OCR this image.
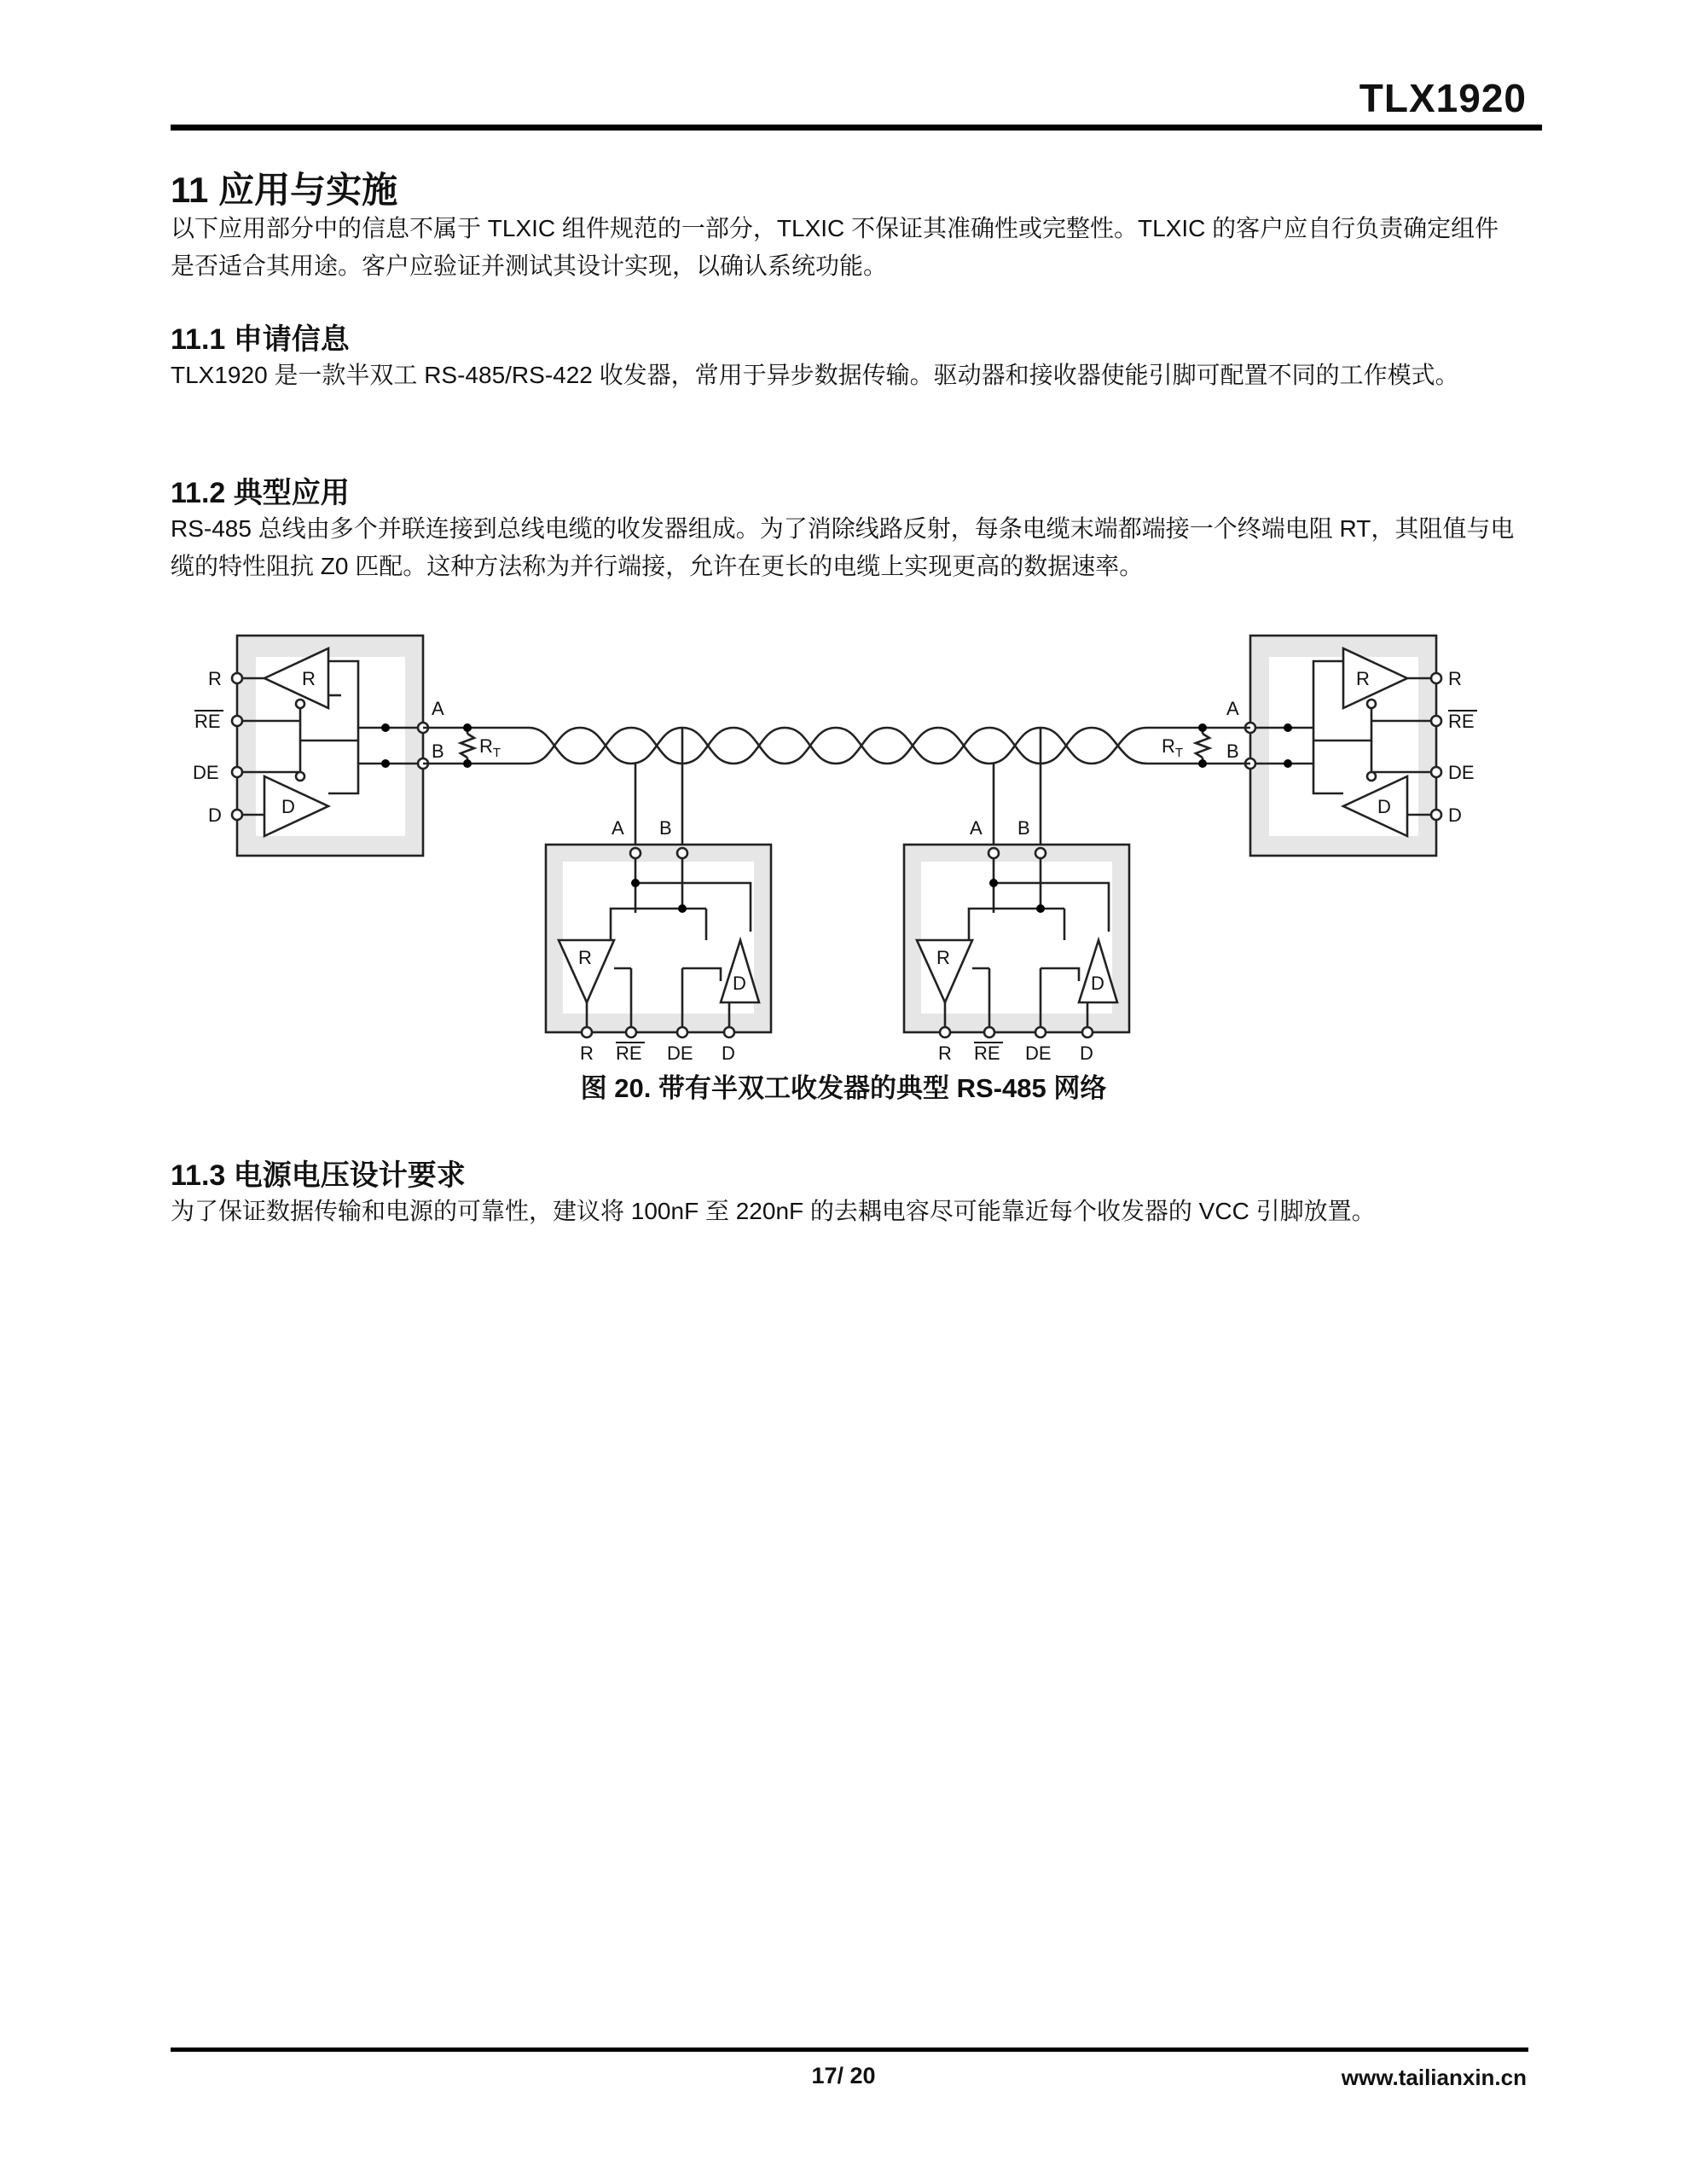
TLX1920
11 应用与实施
以下应用部分中的信息不属于 TLXIC 组件规范的一部分，TLXIC 不保证其准确性或完整性。TLXIC 的客户应自行负责确定组件是否适合其用途。客户应验证并测试其设计实现，以确认系统功能。
11.1 申请信息
TLX1920 是一款半双工 RS-485/RS-422 收发器，常用于异步数据传输。驱动器和接收器使能引脚可配置不同的工作模式。
11.2 典型应用
RS-485 总线由多个并联连接到总线电缆的收发器组成。为了消除线路反射，每条电缆末端都端接一个终端电阻 RT，其阻值与电缆的特性阻抗 Z0 匹配。这种方法称为并行端接，允许在更长的电缆上实现更高的数据速率。
R
RE
DE
D
R
D
A
B $R_T$
R
RE
DE
D
R
D
A
B
$R_T$
A B
R
D
R RE DE D
A B
R
D
R RE DE D
图 20. 带有半双工收发器的典型 RS-485 网络
11.3 电源电压设计要求
为了保证数据传输和电源的可靠性，建议将 100nF 至 220nF 的去耦电容尽可能靠近每个收发器的 VCC 引脚放置。
17/ 20	www.tailianxin.cn
